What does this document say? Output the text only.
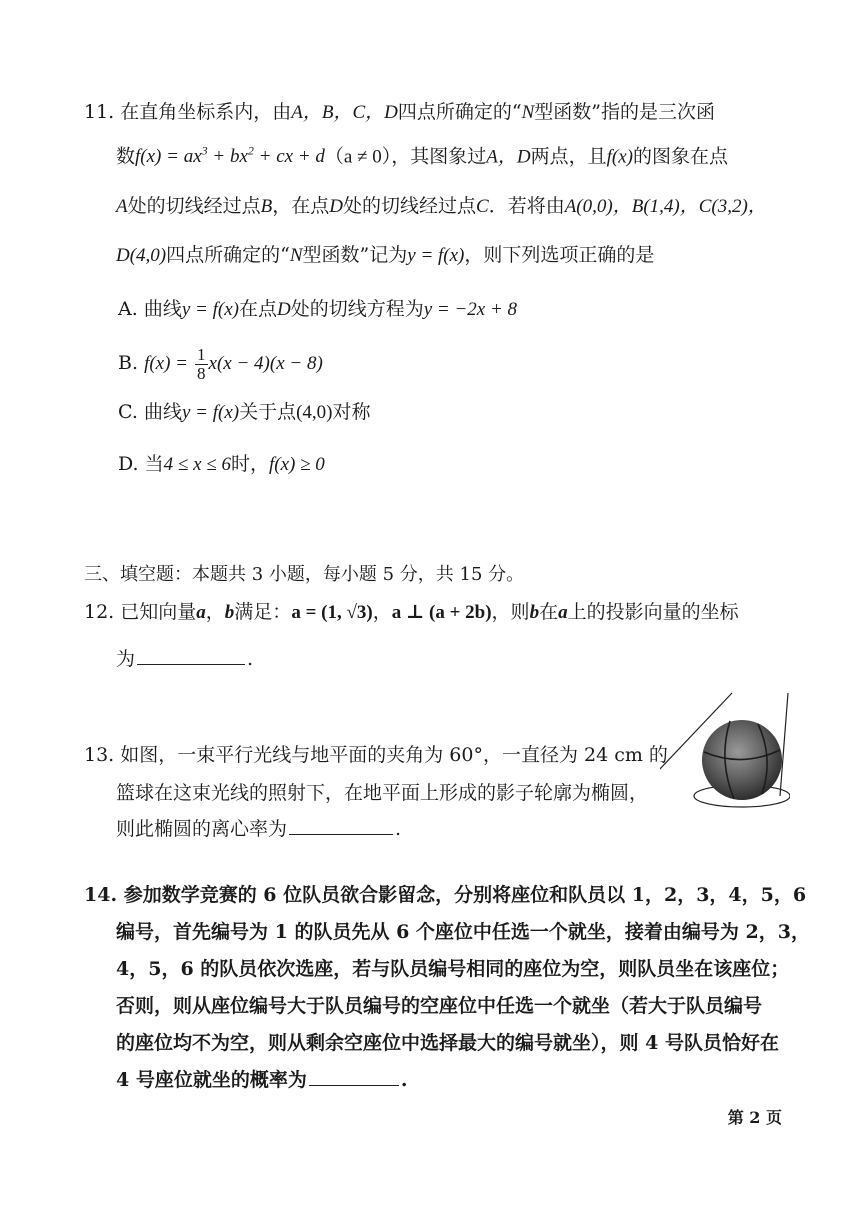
11. 在直角坐标系内，由A，B，C，D四点所确定的“N型函数”指的是三次函
数$f(x) = ax^3 + bx^2$ + cx + d（a ≠ 0），其图象过A，D两点，且f(x)的图象在点
A处的切线经过点B，在点D处的切线经过点C．若将由A(0,0)，B(1,4)，C(3,2)，
D(4,0)四点所确定的“N型函数”记为y = f(x)，则下列选项正确的是
A. 曲线y = f(x)在点D处的切线方程为y = −2x + 8
B. $f(x) = \frac{1}{8} x(x - 4)(x - 8)$
C. 曲线y = f(x)关于点(4,0)对称
D. 当4 ≤ x ≤ 6时，f(x) ≥ 0
三、填空题：本题共 3 小题，每小题 5 分，共 15 分。
12. 已知向量a，b满足：a = (1, √3)，a ⊥ (a + 2b)，则b在a上的投影向量的坐标
为	.
13. 如图，一束平行光线与地平面的夹角为 60°，一直径为 24 cm 的
篮球在这束光线的照射下，在地平面上形成的影子轮廓为椭圆，
则此椭圆的离心率为	.
14. 参加数学竞赛的 6 位队员欲合影留念，分别将座位和队员以 1，2，3，4，5，6
编号，首先编号为 1 的队员先从 6 个座位中任选一个就坐，接着由编号为 2，3，
4，5，6 的队员依次选座，若与队员编号相同的座位为空，则队员坐在该座位；
否则，则从座位编号大于队员编号的空座位中任选一个就坐（若大于队员编号
的座位均不为空，则从剩余空座位中选择最大的编号就坐），则 4 号队员恰好在
4 号座位就坐的概率为	.
第 2 页
